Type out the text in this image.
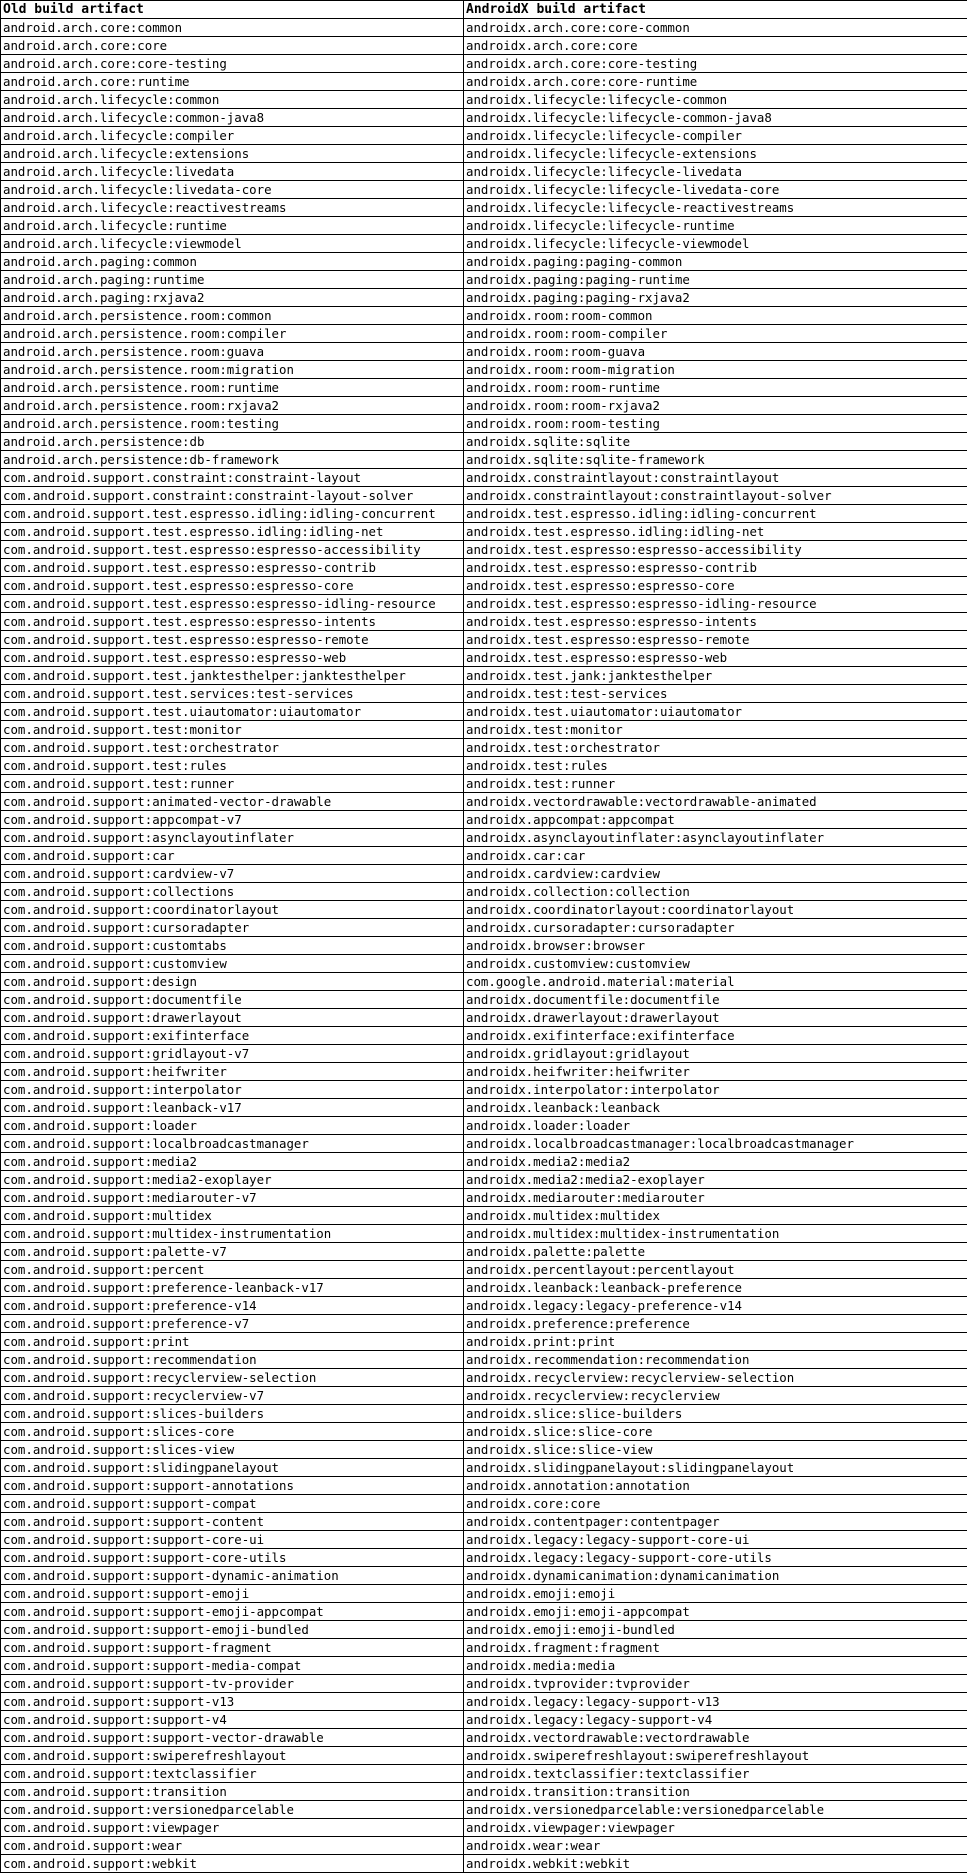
Old build artifact	AndroidX build artifact
android.arch.core:common	androidx.arch.core:core-common
android.arch.core:core	androidx.arch.core:core
android.arch.core:core-testing	androidx.arch.core:core-testing
android.arch.core:runtime	androidx.arch.core:core-runtime
android.arch.lifecycle:common	androidx.lifecycle:lifecycle-common
android.arch.lifecycle:common-java8	androidx.lifecycle:lifecycle-common-java8
android.arch.lifecycle:compiler	androidx.lifecycle:lifecycle-compiler
android.arch.lifecycle:extensions	androidx.lifecycle:lifecycle-extensions
android.arch.lifecycle:livedata	androidx.lifecycle:lifecycle-livedata
android.arch.lifecycle:livedata-core	androidx.lifecycle:lifecycle-livedata-core
android.arch.lifecycle:reactivestreams	androidx.lifecycle:lifecycle-reactivestreams
android.arch.lifecycle:runtime	androidx.lifecycle:lifecycle-runtime
android.arch.lifecycle:viewmodel	androidx.lifecycle:lifecycle-viewmodel
android.arch.paging:common	androidx.paging:paging-common
android.arch.paging:runtime	androidx.paging:paging-runtime
android.arch.paging:rxjava2	androidx.paging:paging-rxjava2
android.arch.persistence.room:common	androidx.room:room-common
android.arch.persistence.room:compiler	androidx.room:room-compiler
android.arch.persistence.room:guava	androidx.room:room-guava
android.arch.persistence.room:migration	androidx.room:room-migration
android.arch.persistence.room:runtime	androidx.room:room-runtime
android.arch.persistence.room:rxjava2	androidx.room:room-rxjava2
android.arch.persistence.room:testing	androidx.room:room-testing
android.arch.persistence:db	androidx.sqlite:sqlite
android.arch.persistence:db-framework	androidx.sqlite:sqlite-framework
com.android.support.constraint:constraint-layout	androidx.constraintlayout:constraintlayout
com.android.support.constraint:constraint-layout-solver	androidx.constraintlayout:constraintlayout-solver
com.android.support.test.espresso.idling:idling-concurrent	androidx.test.espresso.idling:idling-concurrent
com.android.support.test.espresso.idling:idling-net	androidx.test.espresso.idling:idling-net
com.android.support.test.espresso:espresso-accessibility	androidx.test.espresso:espresso-accessibility
com.android.support.test.espresso:espresso-contrib	androidx.test.espresso:espresso-contrib
com.android.support.test.espresso:espresso-core	androidx.test.espresso:espresso-core
com.android.support.test.espresso:espresso-idling-resource	androidx.test.espresso:espresso-idling-resource
com.android.support.test.espresso:espresso-intents	androidx.test.espresso:espresso-intents
com.android.support.test.espresso:espresso-remote	androidx.test.espresso:espresso-remote
com.android.support.test.espresso:espresso-web	androidx.test.espresso:espresso-web
com.android.support.test.janktesthelper:janktesthelper	androidx.test.jank:janktesthelper
com.android.support.test.services:test-services	androidx.test:test-services
com.android.support.test.uiautomator:uiautomator	androidx.test.uiautomator:uiautomator
com.android.support.test:monitor	androidx.test:monitor
com.android.support.test:orchestrator	androidx.test:orchestrator
com.android.support.test:rules	androidx.test:rules
com.android.support.test:runner	androidx.test:runner
com.android.support:animated-vector-drawable	androidx.vectordrawable:vectordrawable-animated
com.android.support:appcompat-v7	androidx.appcompat:appcompat
com.android.support:asynclayoutinflater	androidx.asynclayoutinflater:asynclayoutinflater
com.android.support:car	androidx.car:car
com.android.support:cardview-v7	androidx.cardview:cardview
com.android.support:collections	androidx.collection:collection
com.android.support:coordinatorlayout	androidx.coordinatorlayout:coordinatorlayout
com.android.support:cursoradapter	androidx.cursoradapter:cursoradapter
com.android.support:customtabs	androidx.browser:browser
com.android.support:customview	androidx.customview:customview
com.android.support:design	com.google.android.material:material
com.android.support:documentfile	androidx.documentfile:documentfile
com.android.support:drawerlayout	androidx.drawerlayout:drawerlayout
com.android.support:exifinterface	androidx.exifinterface:exifinterface
com.android.support:gridlayout-v7	androidx.gridlayout:gridlayout
com.android.support:heifwriter	androidx.heifwriter:heifwriter
com.android.support:interpolator	androidx.interpolator:interpolator
com.android.support:leanback-v17	androidx.leanback:leanback
com.android.support:loader	androidx.loader:loader
com.android.support:localbroadcastmanager	androidx.localbroadcastmanager:localbroadcastmanager
com.android.support:media2	androidx.media2:media2
com.android.support:media2-exoplayer	androidx.media2:media2-exoplayer
com.android.support:mediarouter-v7	androidx.mediarouter:mediarouter
com.android.support:multidex	androidx.multidex:multidex
com.android.support:multidex-instrumentation	androidx.multidex:multidex-instrumentation
com.android.support:palette-v7	androidx.palette:palette
com.android.support:percent	androidx.percentlayout:percentlayout
com.android.support:preference-leanback-v17	androidx.leanback:leanback-preference
com.android.support:preference-v14	androidx.legacy:legacy-preference-v14
com.android.support:preference-v7	androidx.preference:preference
com.android.support:print	androidx.print:print
com.android.support:recommendation	androidx.recommendation:recommendation
com.android.support:recyclerview-selection	androidx.recyclerview:recyclerview-selection
com.android.support:recyclerview-v7	androidx.recyclerview:recyclerview
com.android.support:slices-builders	androidx.slice:slice-builders
com.android.support:slices-core	androidx.slice:slice-core
com.android.support:slices-view	androidx.slice:slice-view
com.android.support:slidingpanelayout	androidx.slidingpanelayout:slidingpanelayout
com.android.support:support-annotations	androidx.annotation:annotation
com.android.support:support-compat	androidx.core:core
com.android.support:support-content	androidx.contentpager:contentpager
com.android.support:support-core-ui	androidx.legacy:legacy-support-core-ui
com.android.support:support-core-utils	androidx.legacy:legacy-support-core-utils
com.android.support:support-dynamic-animation	androidx.dynamicanimation:dynamicanimation
com.android.support:support-emoji	androidx.emoji:emoji
com.android.support:support-emoji-appcompat	androidx.emoji:emoji-appcompat
com.android.support:support-emoji-bundled	androidx.emoji:emoji-bundled
com.android.support:support-fragment	androidx.fragment:fragment
com.android.support:support-media-compat	androidx.media:media
com.android.support:support-tv-provider	androidx.tvprovider:tvprovider
com.android.support:support-v13	androidx.legacy:legacy-support-v13
com.android.support:support-v4	androidx.legacy:legacy-support-v4
com.android.support:support-vector-drawable	androidx.vectordrawable:vectordrawable
com.android.support:swiperefreshlayout	androidx.swiperefreshlayout:swiperefreshlayout
com.android.support:textclassifier	androidx.textclassifier:textclassifier
com.android.support:transition	androidx.transition:transition
com.android.support:versionedparcelable	androidx.versionedparcelable:versionedparcelable
com.android.support:viewpager	androidx.viewpager:viewpager
com.android.support:wear	androidx.wear:wear
com.android.support:webkit	androidx.webkit:webkit
